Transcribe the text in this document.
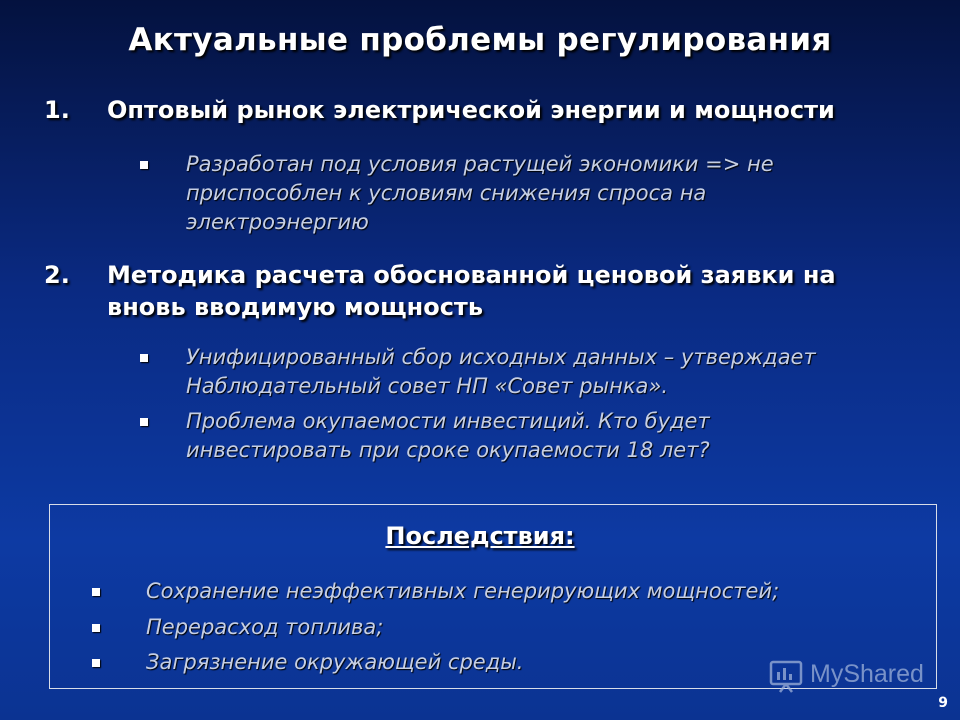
Актуальные проблемы регулирования
1. Оптовый рынок электрической энергии и мощности
Разработан под условия растущей экономики => не
приспособлен к условиям снижения спроса на
электроэнергию
2. Методика расчета обоснованной ценовой заявки на
вновь вводимую мощность
Унифицированный сбор исходных данных – утверждает
Наблюдательный совет НП «Совет рынка».
Проблема окупаемости инвестиций. Кто будет
инвестировать при сроке окупаемости 18 лет?
Последствия:
Сохранение неэффективных генерирующих мощностей;
Перерасход топлива;
Загрязнение окружающей среды.	MyShared
9
